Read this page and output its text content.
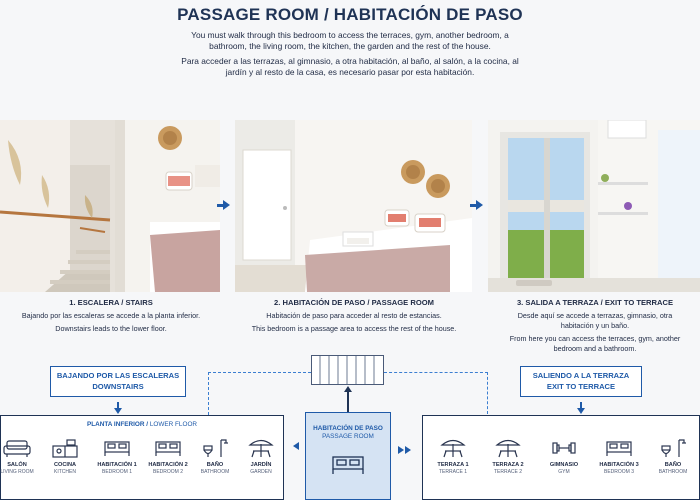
PASSAGE ROOM / HABITACIÓN DE PASO

You must walk through this bedroom to access the terraces, gym, another bedroom, a bathroom, the living room, the kitchen, the garden and the rest of the house.

Para acceder a las terrazas, al gimnasio, a otra habitación, al baño, al salón, a la cocina, al jardín y al resto de la casa, es necesario pasar por esta habitación.

1. ESCALERA / STAIRS
Bajando por las escaleras se accede a la planta inferior.
Downstairs leads to the lower floor.
2. HABITACIÓN DE PASO / PASSAGE ROOM
Habitación de paso para acceder al resto de estancias.
This bedroom is a passage area to access the rest of the house.
3. SALIDA A TERRAZA / EXIT TO TERRACE
Desde aquí se accede a terrazas, gimnasio, otra habitación y un baño.
From here you can access the terraces, gym, another bedroom and a bathroom.
BAJANDO POR LAS ESCALERAS
DOWNSTAIRS
SALIENDO A LA TERRAZA
EXIT TO TERRACE
PLANTA INFERIOR / LOWER FLOOR
SALÓN
LIVING ROOM
COCINA
KITCHEN
HABITACIÓN 1
BEDROOM 1
HABITACIÓN 2
BEDROOM 2
BAÑO
BATHROOM
JARDÍN
GARDEN
HABITACIÓN DE PASO
PASSAGE ROOM
TERRAZA 1
TERRACE 1
TERRAZA 2
TERRACE 2
GIMNASIO
GYM
HABITACIÓN 3
BEDROOM 3
BAÑO
BATHROOM
